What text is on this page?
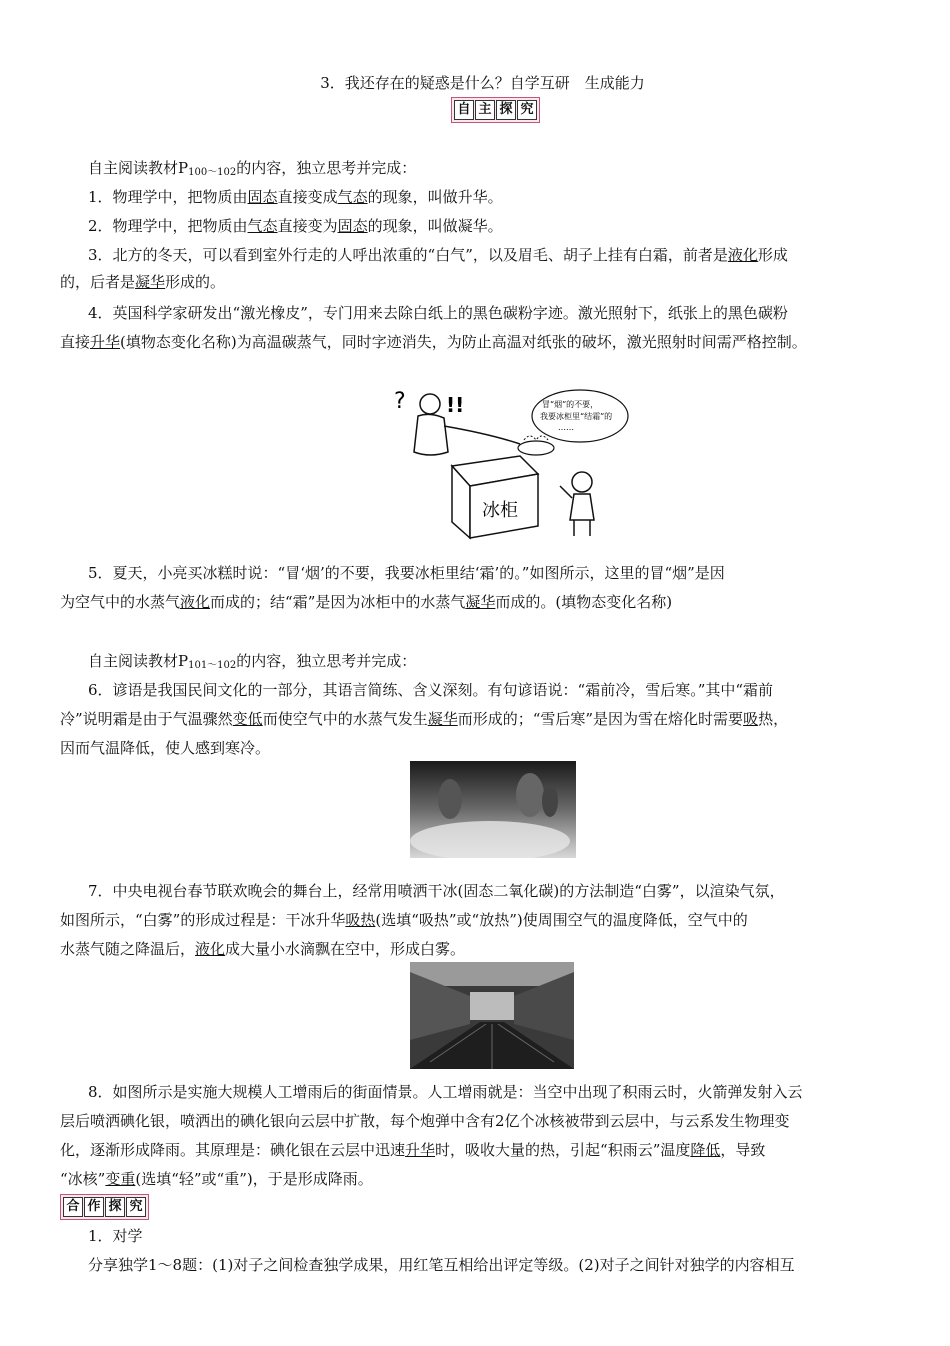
3．我还存在的疑惑是什么？自学互研　生成能力
自 主 探 究
自主阅读教材$P_{100\sim 102}$的内容，独立思考并完成：
1．物理学中，把物质由固态直接变成气态的现象，叫做升华。
2．物理学中，把物质由气态直接变为固态的现象，叫做凝华。
3．北方的冬天，可以看到室外行走的人呼出浓重的“白气”，以及眉毛、胡子上挂有白霜，前者是液化形成
的，后者是凝华形成的。
4．英国科学家研发出“激光橡皮”，专门用来去除白纸上的黑色碳粉字迹。激光照射下，纸张上的黑色碳粉
直接升华(填物态变化名称)为高温碳蒸气，同时字迹消失，为防止高温对纸张的破坏，激光照射时间需严格控制。
? !!
冰柜
冒“烟”的不要，
我要冰柜里“结霜”的
……
5．夏天，小亮买冰糕时说：“冒‘烟’的不要，我要冰柜里结‘霜’的。”如图所示，这里的冒“烟”是因
为空气中的水蒸气液化而成的；结“霜”是因为冰柜中的水蒸气凝华而成的。(填物态变化名称)
自主阅读教材$P_{101\sim 102}$的内容，独立思考并完成：
6．谚语是我国民间文化的一部分，其语言简练、含义深刻。有句谚语说：“霜前冷，雪后寒。”其中“霜前
冷”说明霜是由于气温骤然变低而使空气中的水蒸气发生凝华而形成的；“雪后寒”是因为雪在熔化时需要吸热，
因而气温降低，使人感到寒冷。
7．中央电视台春节联欢晚会的舞台上，经常用喷洒干冰(固态二氧化碳)的方法制造“白雾”，以渲染气氛，
如图所示，“白雾”的形成过程是：干冰升华吸热(选填“吸热”或“放热”)使周围空气的温度降低，空气中的
水蒸气随之降温后，液化成大量小水滴飘在空中，形成白雾。
8．如图所示是实施大规模人工增雨后的街面情景。人工增雨就是：当空中出现了积雨云时，火箭弹发射入云
层后喷洒碘化银，喷洒出的碘化银向云层中扩散，每个炮弹中含有2亿个冰核被带到云层中，与云系发生物理变
化，逐渐形成降雨。其原理是：碘化银在云层中迅速升华时，吸收大量的热，引起“积雨云”温度降低，导致
“冰核”变重(选填“轻”或“重”)，于是形成降雨。
合 作 探 究
1．对学
分享独学1～8题：(1)对子之间检查独学成果，用红笔互相给出评定等级。(2)对子之间针对独学的内容相互
